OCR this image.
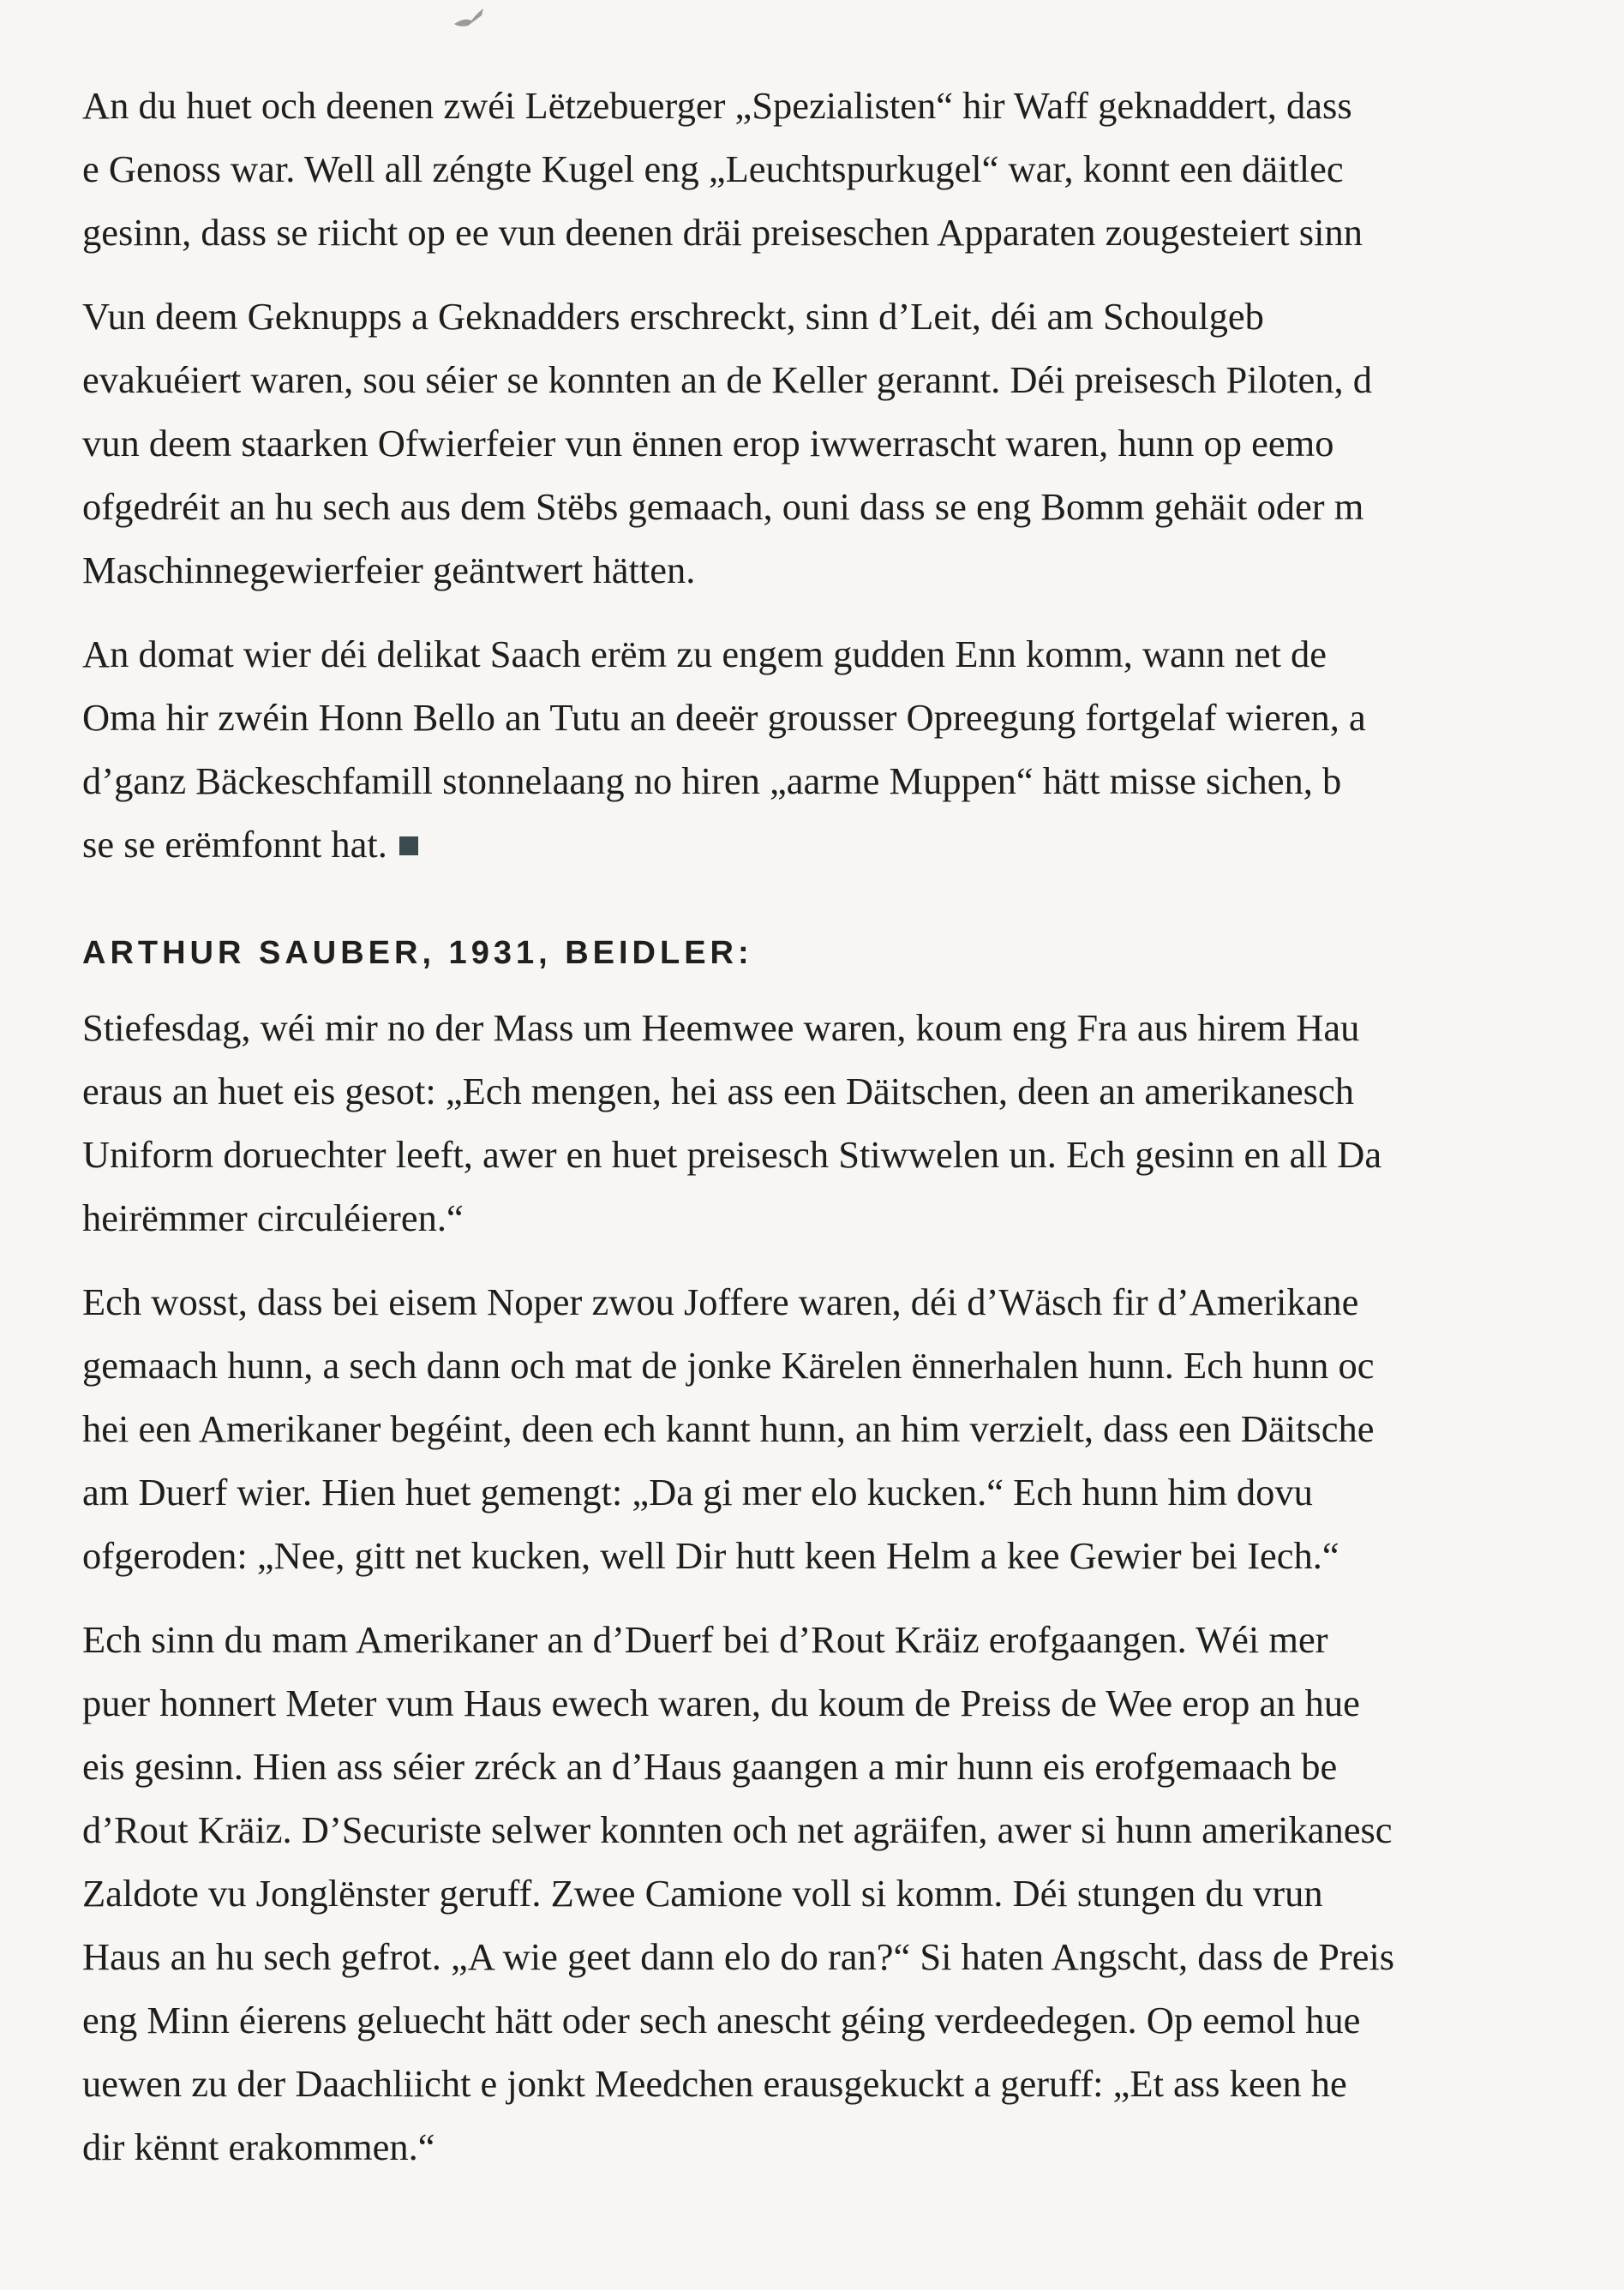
An du huet och deenen zwéi Lëtzebuerger „Spezialisten“ hir Waff geknaddert, dass
e Genoss war. Well all zéngte Kugel eng „Leuchtspurkugel“ war, konnt een däitlec
gesinn, dass se riicht op ee vun deenen dräi preiseschen Apparaten zougesteiert sinn

Vun deem Geknupps a Geknadders erschreckt, sinn d’Leit, déi am Schoulgeb
evakuéiert waren, sou séier se konnten an de Keller gerannt. Déi preisesch Piloten, d
vun deem staarken Ofwierfeier vun ënnen erop iwwerrascht waren, hunn op eemo
ofgedréit an hu sech aus dem Stëbs gemaach, ouni dass se eng Bomm gehäit oder m
Maschinnegewierfeier geäntwert hätten.

An domat wier déi delikat Saach erëm zu engem gudden Enn komm, wann net de
Oma hir zwéin Honn Bello an Tutu an deeër grousser Opreegung fortgelaf wieren, a
d’ganz Bäckeschfamill stonnelaang no hiren „aarme Muppen“ hätt misse sichen, b
se se erëmfonnt hat.

ARTHUR SAUBER, 1931, BEIDLER:

Stiefesdag, wéi mir no der Mass um Heemwee waren, koum eng Fra aus hirem Hau
eraus an huet eis gesot: „Ech mengen, hei ass een Däitschen, deen an amerikanesch
Uniform doruechter leeft, awer en huet preisesch Stiwwelen un. Ech gesinn en all Da
heirëmmer circuléieren.“

Ech wosst, dass bei eisem Noper zwou Joffere waren, déi d’Wäsch fir d’Amerikane
gemaach hunn, a sech dann och mat de jonke Kärelen ënnerhalen hunn. Ech hunn oc
hei een Amerikaner begéint, deen ech kannt hunn, an him verzielt, dass een Däitsche
am Duerf wier. Hien huet gemengt: „Da gi mer elo kucken.“ Ech hunn him dovu
ofgeroden: „Nee, gitt net kucken, well Dir hutt keen Helm a kee Gewier bei Iech.“

Ech sinn du mam Amerikaner an d’Duerf bei d’Rout Kräiz erofgaangen. Wéi mer
puer honnert Meter vum Haus ewech waren, du koum de Preiss de Wee erop an hue
eis gesinn. Hien ass séier zréck an d’Haus gaangen a mir hunn eis erofgemaach be
d’Rout Kräiz. D’Securiste selwer konnten och net agräifen, awer si hunn amerikanesc
Zaldote vu Jonglënster geruff. Zwee Camione voll si komm. Déi stungen du vrun
Haus an hu sech gefrot. „A wie geet dann elo do ran?“ Si haten Angscht, dass de Preis
eng Minn éierens geluecht hätt oder sech anescht géing verdeedegen. Op eemol hue
uewen zu der Daachliicht e jonkt Meedchen erausgekuckt a geruff: „Et ass keen he
dir kënnt erakommen.“
